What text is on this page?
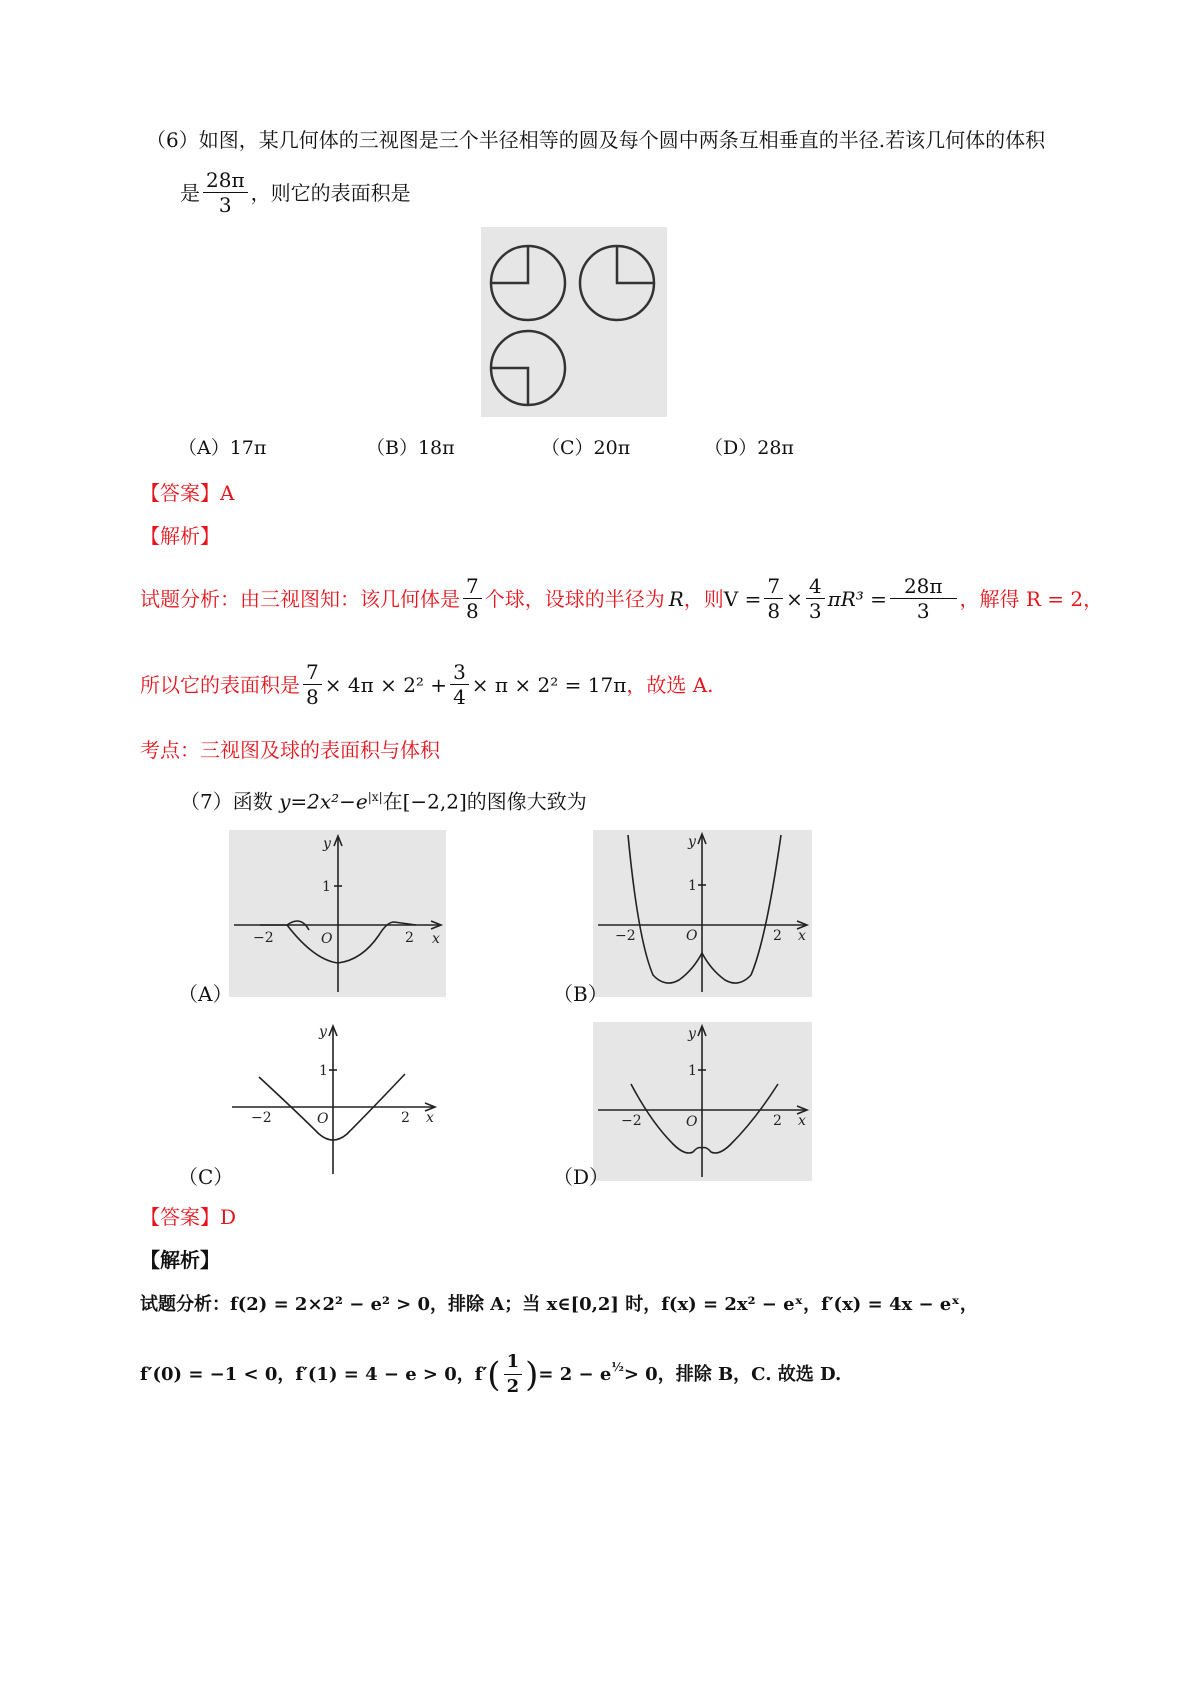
（6）如图，某几何体的三视图是三个半径相等的圆及每个圆中两条互相垂直的半径.若该几何体的体积
是 $\frac{28\pi}{3}$ ，则它的表面积是
（A）17π	（B）18π	（C）20π	（D）28π
【答案】A
【解析】
试题分析：由三视图知：该几何体是 $\frac{7}{8}$ 个球，设球的半径为 R ，则 $V = \frac{7}{8} \times \frac{4}{3} \pi R^3 = \frac{28\pi}{3}$ ，解得 R = 2，
所以它的表面积是 $\frac{7}{8} \times 4\pi \times 2^2 + \frac{3}{4} \times \pi \times 2^2 = 17\pi$ ，故选 A.
考点：三视图及球的表面积与体积
（7）函数 $y=2x^2-e^{|x|}$在[−2,2]的图像大致为
y
x
1
O
−2	2
（A）
y
x
1
O
−2	2
（B）
y
x
1
O
−2	2
（C）
y
x
1
O
−2	2
（D）
【答案】D
【解析】
试题分析：f(2) = 2×2² − e² > 0，排除 A；当 x∈[0,2] 时，f(x) = 2x² − eˣ，f′(x) = 4x − eˣ，
f′(0) = −1 < 0，f′(1) = 4 − e > 0，f′ ( $\frac{1}{2}$ ) = $2 - e^{\frac{1}{2}} > 0$，排除 B，C. 故选 D.
